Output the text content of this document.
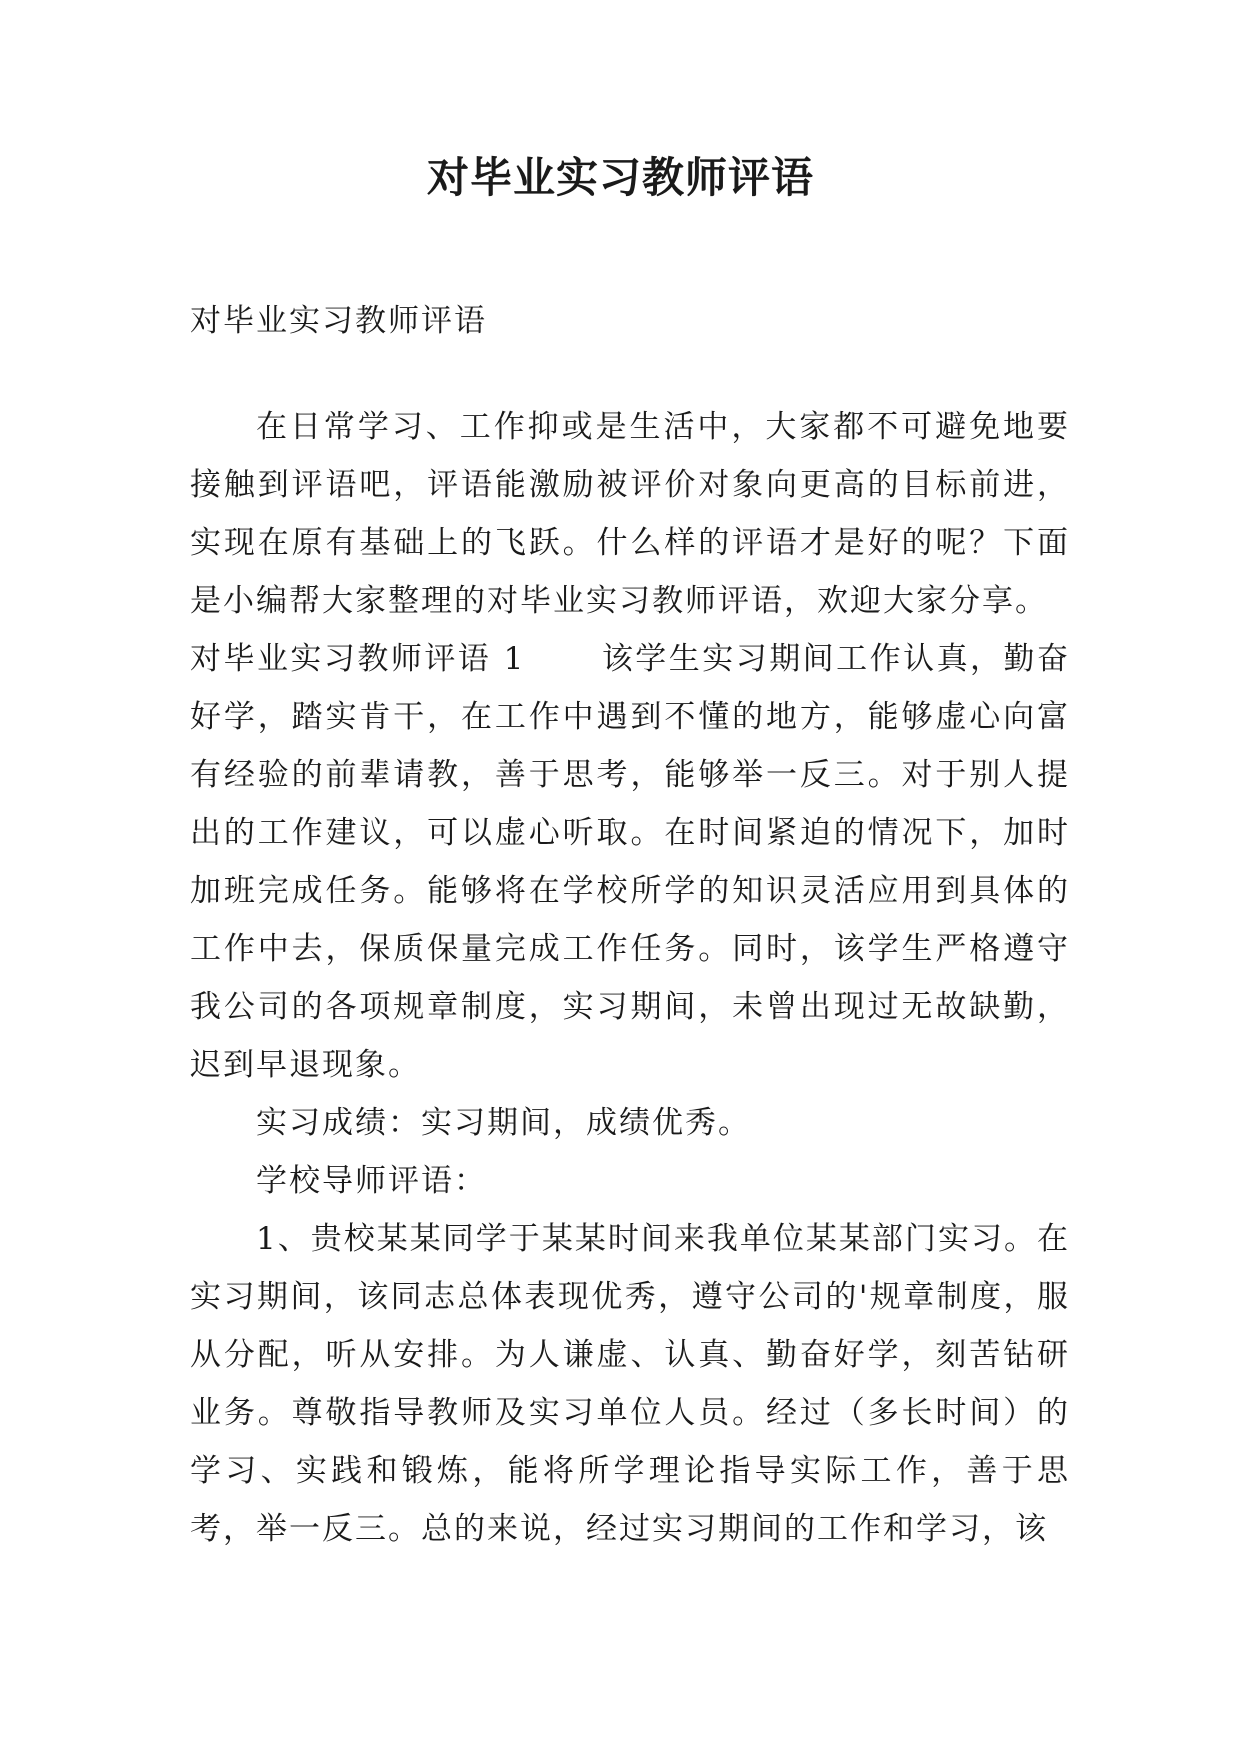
对毕业实习教师评语

对毕业实习教师评语

在日常学习、工作抑或是生活中，大家都不可避免地要接触到评语吧，评语能激励被评价对象向更高的目标前进，实现在原有基础上的飞跃。什么样的评语才是好的呢？下面是小编帮大家整理的对毕业实习教师评语，欢迎大家分享。

对毕业实习教师评语 1 该学生实习期间工作认真，勤奋好学，踏实肯干，在工作中遇到不懂的地方，能够虚心向富有经验的前辈请教，善于思考，能够举一反三。对于别人提出的工作建议，可以虚心听取。在时间紧迫的情况下，加时加班完成任务。能够将在学校所学的知识灵活应用到具体的工作中去，保质保量完成工作任务。同时，该学生严格遵守我公司的各项规章制度，实习期间，未曾出现过无故缺勤，迟到早退现象。

实习成绩：实习期间，成绩优秀。

学校导师评语：

1、贵校某某同学于某某时间来我单位某某部门实习。在实习期间，该同志总体表现优秀，遵守公司的'规章制度，服从分配，听从安排。为人谦虚、认真、勤奋好学，刻苦钻研业务。尊敬指导教师及实习单位人员。经过（多长时间）的学习、实践和锻炼，能将所学理论指导实际工作，善于思考，举一反三。总的来说，经过实习期间的工作和学习，该
